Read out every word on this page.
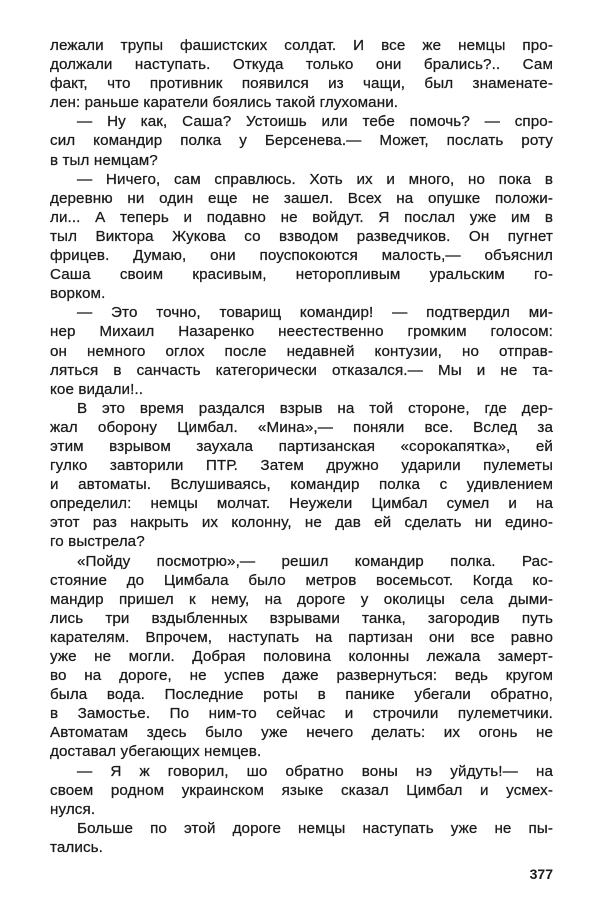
лежали трупы фашистских солдат. И все же немцы про-
должали наступать. Откуда только они брались?.. Сам
факт, что противник появился из чащи, был знаменате-
лен: раньше каратели боялись такой глухомани.
— Ну как, Саша? Устоишь или тебе помочь? — спро-
сил командир полка у Берсенева.— Может, послать роту
в тыл немцам?
— Ничего, сам справлюсь. Хоть их и много, но пока в
деревню ни один еще не зашел. Всех на опушке положи-
ли... А теперь и подавно не войдут. Я послал уже им в
тыл Виктора Жукова со взводом разведчиков. Он пугнет
фрицев. Думаю, они поуспокоются малость,— объяснил
Саша своим красивым, неторопливым уральским го-
ворком.
— Это точно, товарищ командир! — подтвердил ми-
нер Михаил Назаренко неестественно громким голосом:
он немного оглох после недавней контузии, но отправ-
ляться в санчасть категорически отказался.— Мы и не та-
кое видали!..
В это время раздался взрыв на той стороне, где дер-
жал оборону Цимбал. «Мина»,— поняли все. Вслед за
этим взрывом заухала партизанская «сорокапятка», ей
гулко завторили ПТР. Затем дружно ударили пулеметы
и автоматы. Вслушиваясь, командир полка с удивлением
определил: немцы молчат. Неужели Цимбал сумел и на
этот раз накрыть их колонну, не дав ей сделать ни едино-
го выстрела?
«Пойду посмотрю»,— решил командир полка. Рас-
стояние до Цимбала было метров восемьсот. Когда ко-
мандир пришел к нему, на дороге у околицы села дыми-
лись три вздыбленных взрывами танка, загородив путь
карателям. Впрочем, наступать на партизан они все равно
уже не могли. Добрая половина колонны лежала замерт-
во на дороге, не успев даже развернуться: ведь кругом
была вода. Последние роты в панике убегали обратно,
в Замостье. По ним-то сейчас и строчили пулеметчики.
Автоматам здесь было уже нечего делать: их огонь не
доставал убегающих немцев.
— Я ж говорил, шо обратно воны нэ уйдуть!— на
своем родном украинском языке сказал Цимбал и усмех-
нулся.
Больше по этой дороге немцы наступать уже не пы-
тались.
377
